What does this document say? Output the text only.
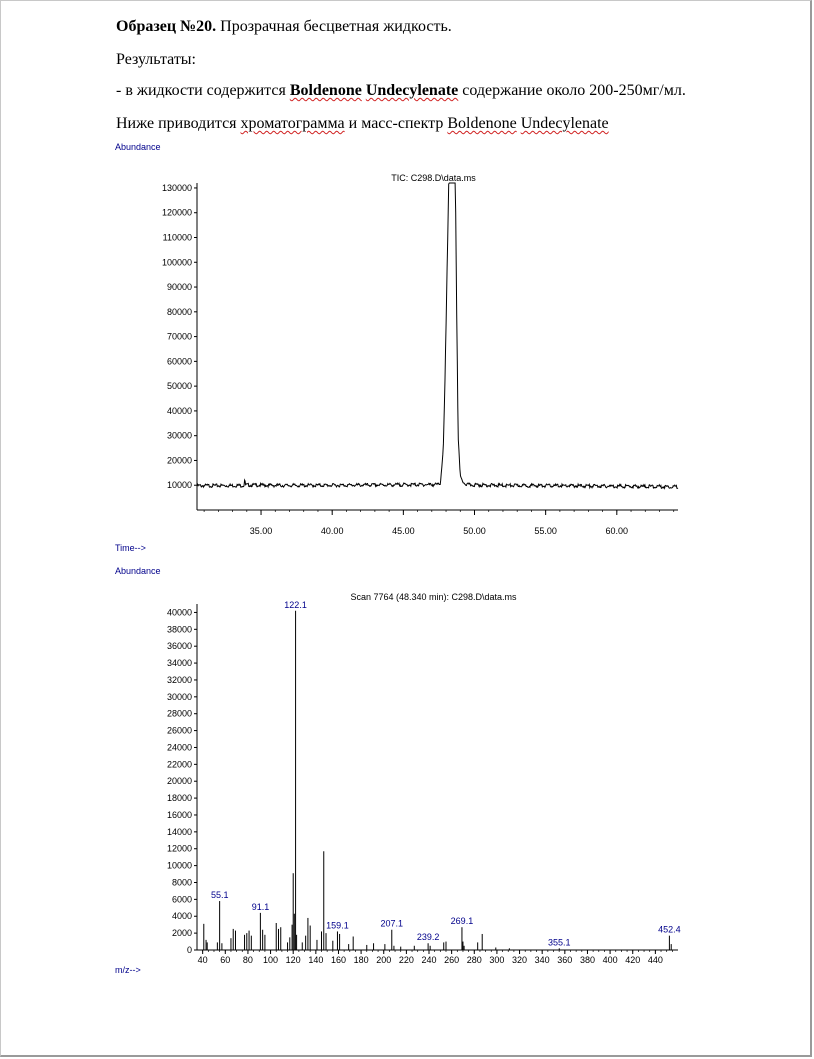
Образец №20. Прозрачная бесцветная жидкость.
Результаты:
- в жидкости содержится Boldenone Undecylenate содержание около 200-250мг/мл.
Ниже приводится хроматограмма и масс-спектр Boldenone Undecylenate
Abundance
TIC: C298.D\data.ms
10000
20000
30000
40000
50000
60000
70000
80000
90000
100000
110000
120000
130000
35.00	40.00	45.00	50.00	55.00	60.00
Time-->
Abundance
Scan 7764 (48.340 min): C298.D\data.ms
0
2000
4000
6000
8000
10000
12000
14000
16000
18000
20000
22000
24000
26000
28000
30000
32000
34000
36000
38000
40000
40 60 80 100 120 140 160 180 200 220 240 260 280 300 320 340 360 380 400 420 440
55.1
91.1
122.1
159.1	207.1
239.2
269.1
355.1
452.4
m/z-->
